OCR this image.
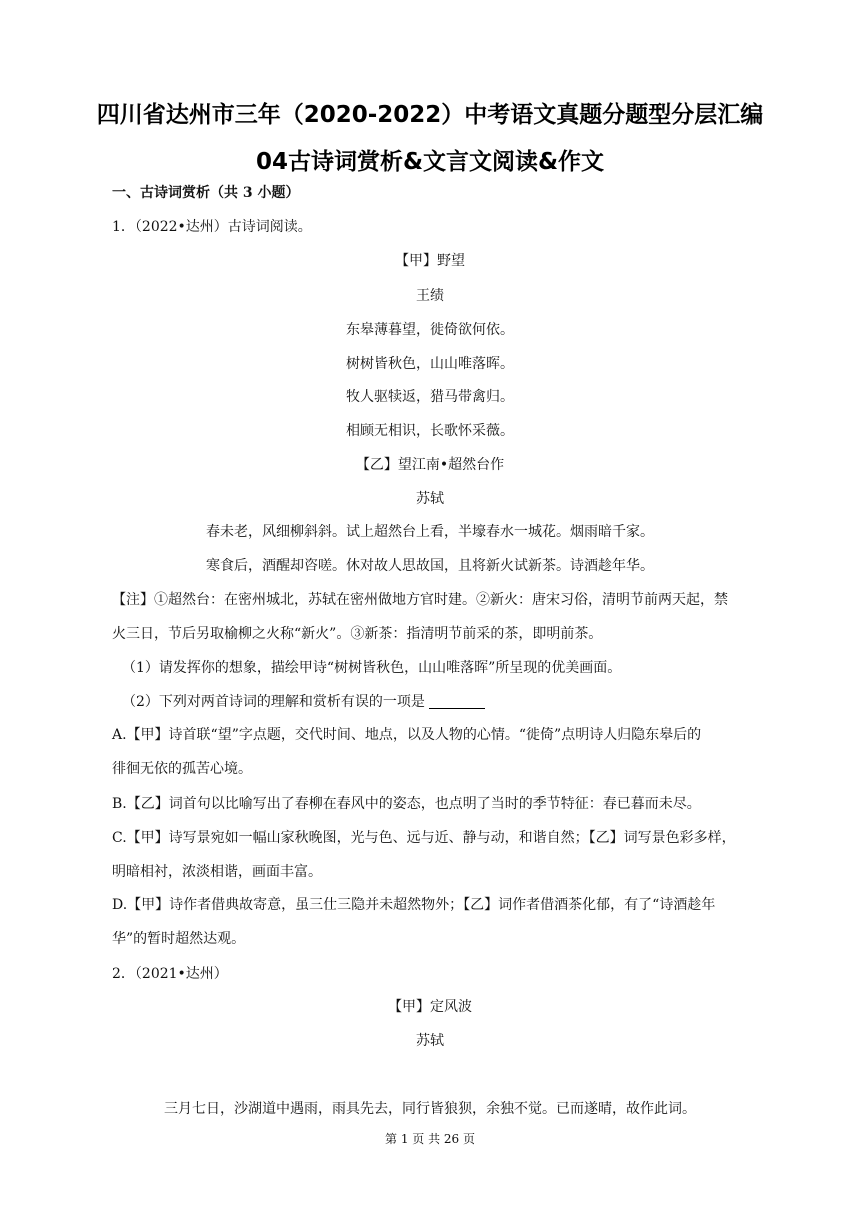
四川省达州市三年（2020-2022）中考语文真题分题型分层汇编
04古诗词赏析&文言文阅读&作文
一、古诗词赏析（共 3 小题）
1．（2022•达州）古诗词阅读。
【甲】野望
王绩
东皋薄暮望，徙倚欲何依。
树树皆秋色，山山唯落晖。
牧人驱犊返，猎马带禽归。
相顾无相识，长歌怀采薇。
【乙】望江南•超然台作
苏轼
春未老，风细柳斜斜。试上超然台上看，半壕春水一城花。烟雨暗千家。
寒食后，酒醒却咨嗟。休对故人思故国，且将新火试新茶。诗酒趁年华。
【注】①超然台：在密州城北，苏轼在密州做地方官时建。②新火：唐宋习俗，清明节前两天起，禁
火三日，节后另取榆柳之火称“新火”。③新茶：指清明节前采的茶，即明前茶。
（1）请发挥你的想象，描绘甲诗“树树皆秋色，山山唯落晖”所呈现的优美画面。
（2）下列对两首诗词的理解和赏析有误的一项是
A.【甲】诗首联“望”字点题，交代时间、地点，以及人物的心情。“徙倚”点明诗人归隐东皋后的
徘徊无依的孤苦心境。
B.【乙】词首句以比喻写出了春柳在春风中的姿态，也点明了当时的季节特征：春已暮而未尽。
C.【甲】诗写景宛如一幅山家秋晚图，光与色、远与近、静与动，和谐自然；【乙】词写景色彩多样，
明暗相衬，浓淡相谐，画面丰富。
D.【甲】诗作者借典故寄意，虽三仕三隐并未超然物外；【乙】词作者借酒茶化郁，有了“诗酒趁年
华”的暂时超然达观。
2．（2021•达州）
【甲】定风波
苏轼
三月七日，沙湖道中遇雨，雨具先去，同行皆狼狈，余独不觉。已而遂晴，故作此词。
第 1 页 共 26 页
